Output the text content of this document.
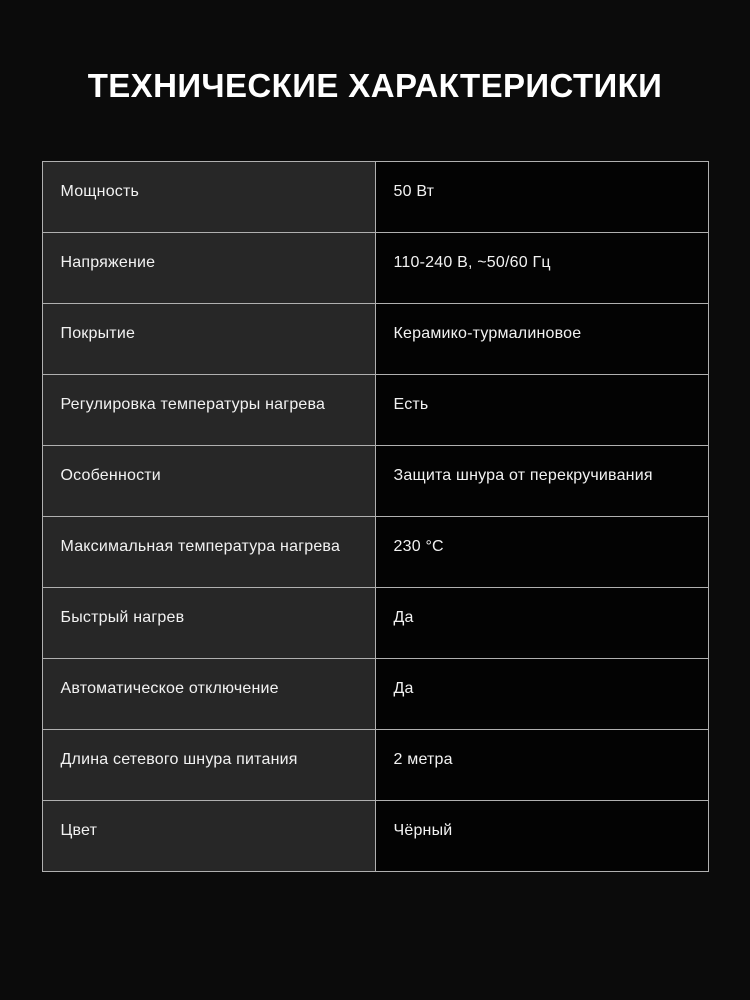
ТЕХНИЧЕСКИЕ ХАРАКТЕРИСТИКИ
Мощность	50 Вт
Напряжение	110-240 В, ~50/60 Гц
Покрытие	Керамико-турмалиновое
Регулировка температуры нагрева	Есть
Особенности	Защита шнура от перекручивания
Максимальная температура нагрева	230 °C
Быстрый нагрев	Да
Автоматическое отключение	Да
Длина сетевого шнура питания	2 метра
Цвет	Чёрный
